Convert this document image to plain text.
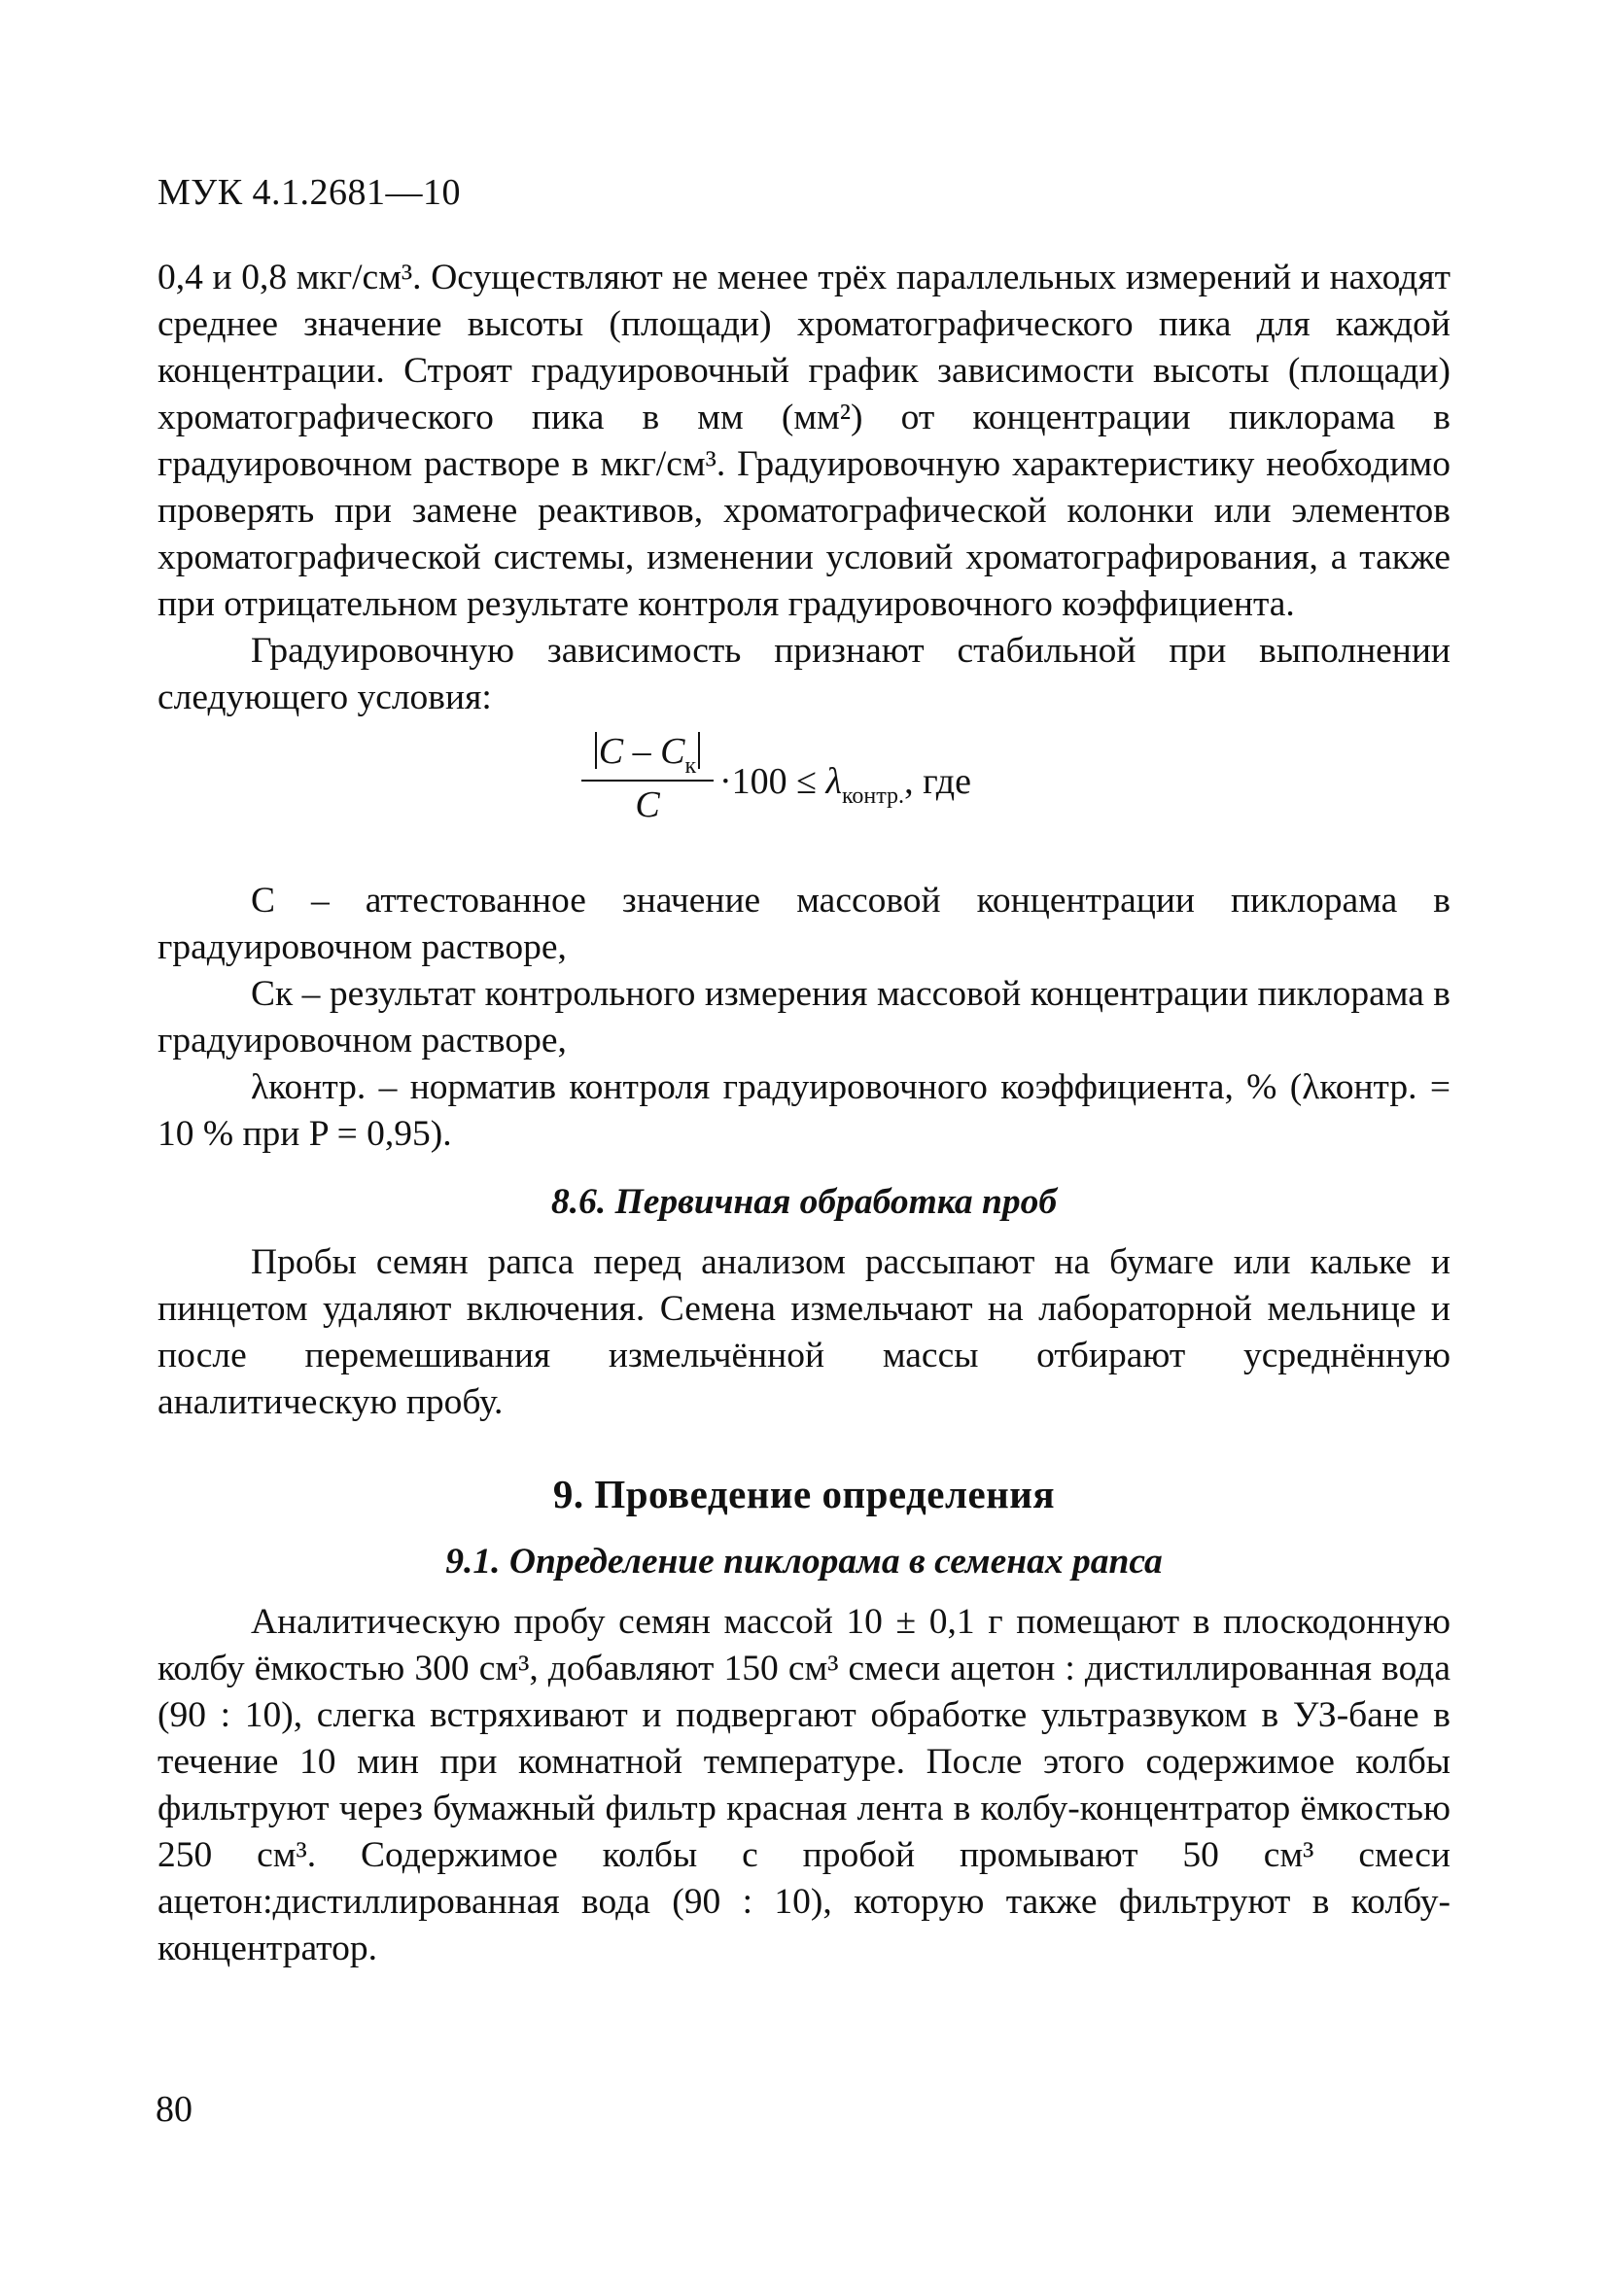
МУК 4.1.2681—10

0,4 и 0,8 мкг/см³. Осуществляют не менее трёх параллельных измерений и находят среднее значение высоты (площади) хроматографического пика для каждой концентрации. Строят градуировочный график зависимости высоты (площади) хроматографического пика в мм (мм²) от концентрации пиклорама в градуировочном растворе в мкг/см³. Градуировочную характеристику необходимо проверять при замене реактивов, хроматографической колонки или элементов хроматографической системы, изменении условий хроматографирования, а также при отрицательном результате контроля градуировочного коэффициента.

Градуировочную зависимость признают стабильной при выполнении следующего условия:

C – $C_к$
C
$\cdot 100 \le \lambda_{контр.}$, где

С – аттестованное значение массовой концентрации пиклорама в градуировочном растворе,

Cк – результат контрольного измерения массовой концентрации пиклорама в градуировочном растворе,

λконтр. – норматив контроля градуировочного коэффициента, % (λконтр. = 10 % при P = 0,95).

8.6. Первичная обработка проб

Пробы семян рапса перед анализом рассыпают на бумаге или кальке и пинцетом удаляют включения. Семена измельчают на лабораторной мельнице и после перемешивания измельчённой массы отбирают усреднённую аналитическую пробу.

9. Проведение определения
9.1. Определение пиклорама в семенах рапса

Аналитическую пробу семян массой 10 ± 0,1 г помещают в плоскодонную колбу ёмкостью 300 см³, добавляют 150 см³ смеси ацетон : дистиллированная вода (90 : 10), слегка встряхивают и подвергают обработке ультразвуком в УЗ-бане в течение 10 мин при комнатной температуре. После этого содержимое колбы фильтруют через бумажный фильтр красная лента в колбу-концентратор ёмкостью 250 см³. Содержимое колбы с пробой промывают 50 см³ смеси ацетон:дистиллированная вода (90 : 10), которую также фильтруют в колбу-концентратор.

80
